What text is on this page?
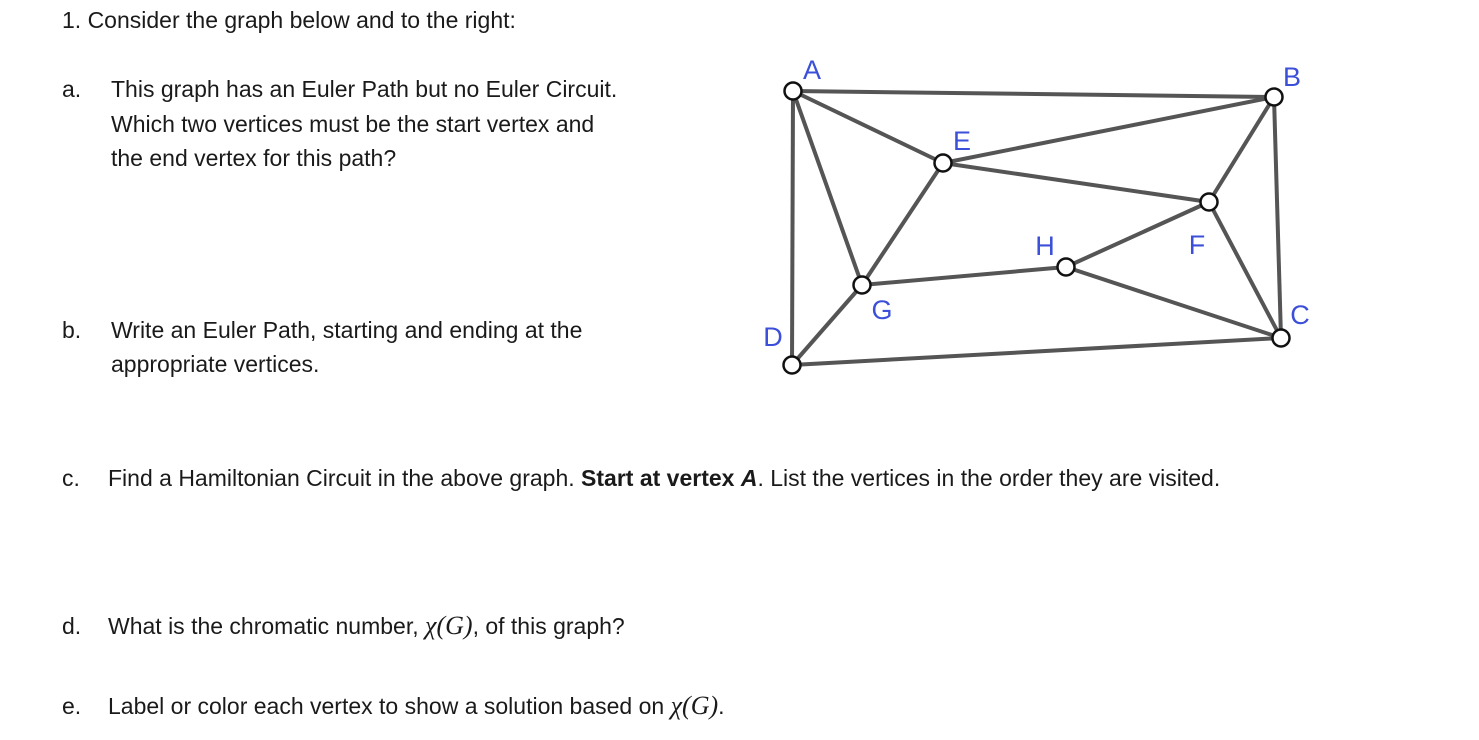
1. Consider the graph below and to the right:
a. This graph has an Euler Path but no Euler Circuit.
Which two vertices must be the start vertex and
the end vertex for this path?
b. Write an Euler Path, starting and ending at the
appropriate vertices.
c. Find a Hamiltonian Circuit in the above graph. Start at vertex A. List the vertices in the order they are visited.
d. What is the chromatic number, χ(G), of this graph?
e. Label or color each vertex to show a solution based on χ(G).
A	B
C
D
E
F
G
H
